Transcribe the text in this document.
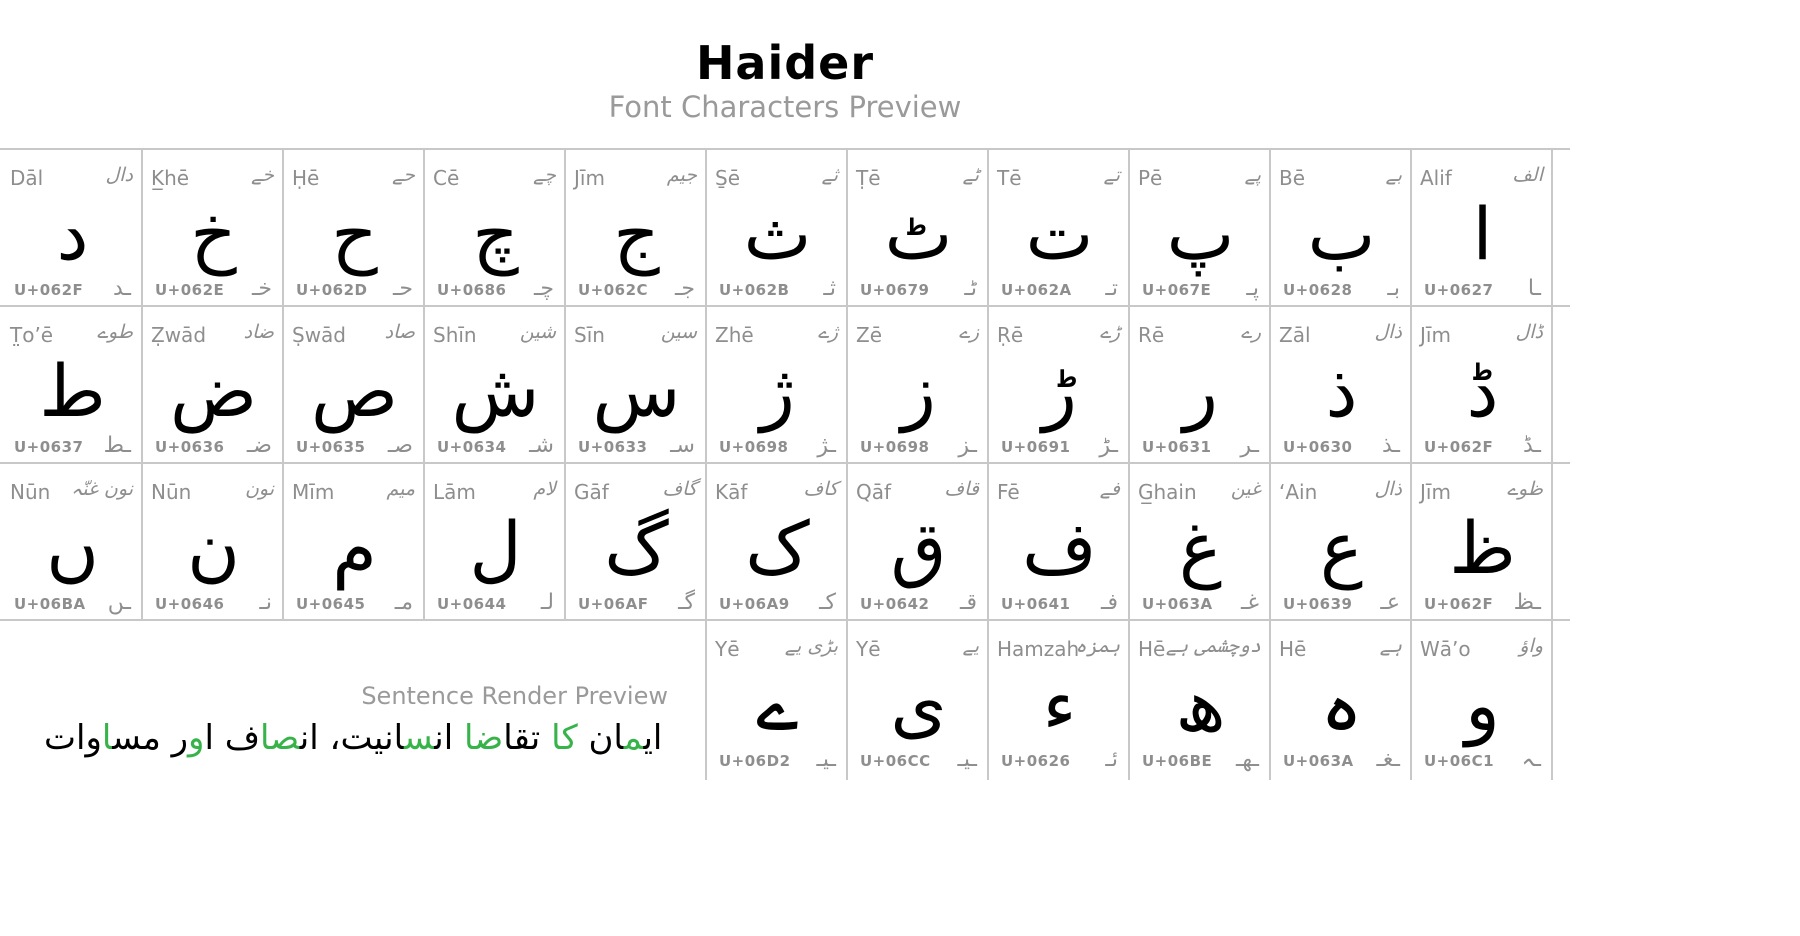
Haider
Font Characters Preview
Dāl	دال
د
U+062F ـد
K̲hē	خے
خ
U+062E خـ
Ḥē	حے
ح
U+062D حـ
Cē	چے
چ
U+0686 چـ
Jīm	جیم
ج
U+062C جـ
S̱ē	ثے
ث
U+062B ثـ
Ṭē	ٹے
ٹ
U+0679 ٹـ
Tē	تے
ت
U+062A تـ
Pē	پے
پ
U+067E پـ
Bē	بے
ب
U+0628 بـ
Alif	الف
ا
U+0627 ـا
T̤o’ē طوے
ط
U+0637 ـط
Ẓwād ضاد
ض
U+0636 ضـ
Ṣwād صاد
ص
U+0635 صـ
Shīn شین
ش
U+0634 شـ
Sīn	سین
س
U+0633 سـ
Zhē	ژے
ژ
U+0698 ـژ
Zē	زے
ز
U+0698 ـز
Ṛē	ڑے
ڑ
U+0691 ـڑ
Rē	رے
ر
U+0631 ـر
Zāl	ذال
ذ
U+0630 ـذ
Jīm	ڈال
ڈ
U+062F ـڈ
Nūn نون غنّہ
ں
U+06BA ـں
Nūn	نون
ن
U+0646 نـ
Mīm	میم
م
U+0645 مـ
Lām	لام
ل
U+0644 لـ
Gāf	گاف
گ
U+06AF گـ
Kāf	کاف
ک
U+06A9 کـ
Qāf	قاف
ق
U+0642 قـ
Fē	فے
ف
U+0641 فـ
G̲hain غین
غ
U+063A غـ
‘Ain	ذال
ع
U+0639 عـ
Jīm	ظوے
ظ
U+062F ـظ
Yē بڑی یے
ے
U+06D2 ـیـ
Yē	یے
ی
U+06CC ـیـ
Hamzah
ہمزہ
ء
U+0626 ئـ
Hē دوچشمی ہے
ھ
U+06BE ـھـ
Hē	ہے
ہ
U+063A ـغـ
Wā’o	واؤ
و
U+06C1 ـہ
Sentence Render Preview
ایمان کا تقاضا انسانیت، انصاف اور مساوات
